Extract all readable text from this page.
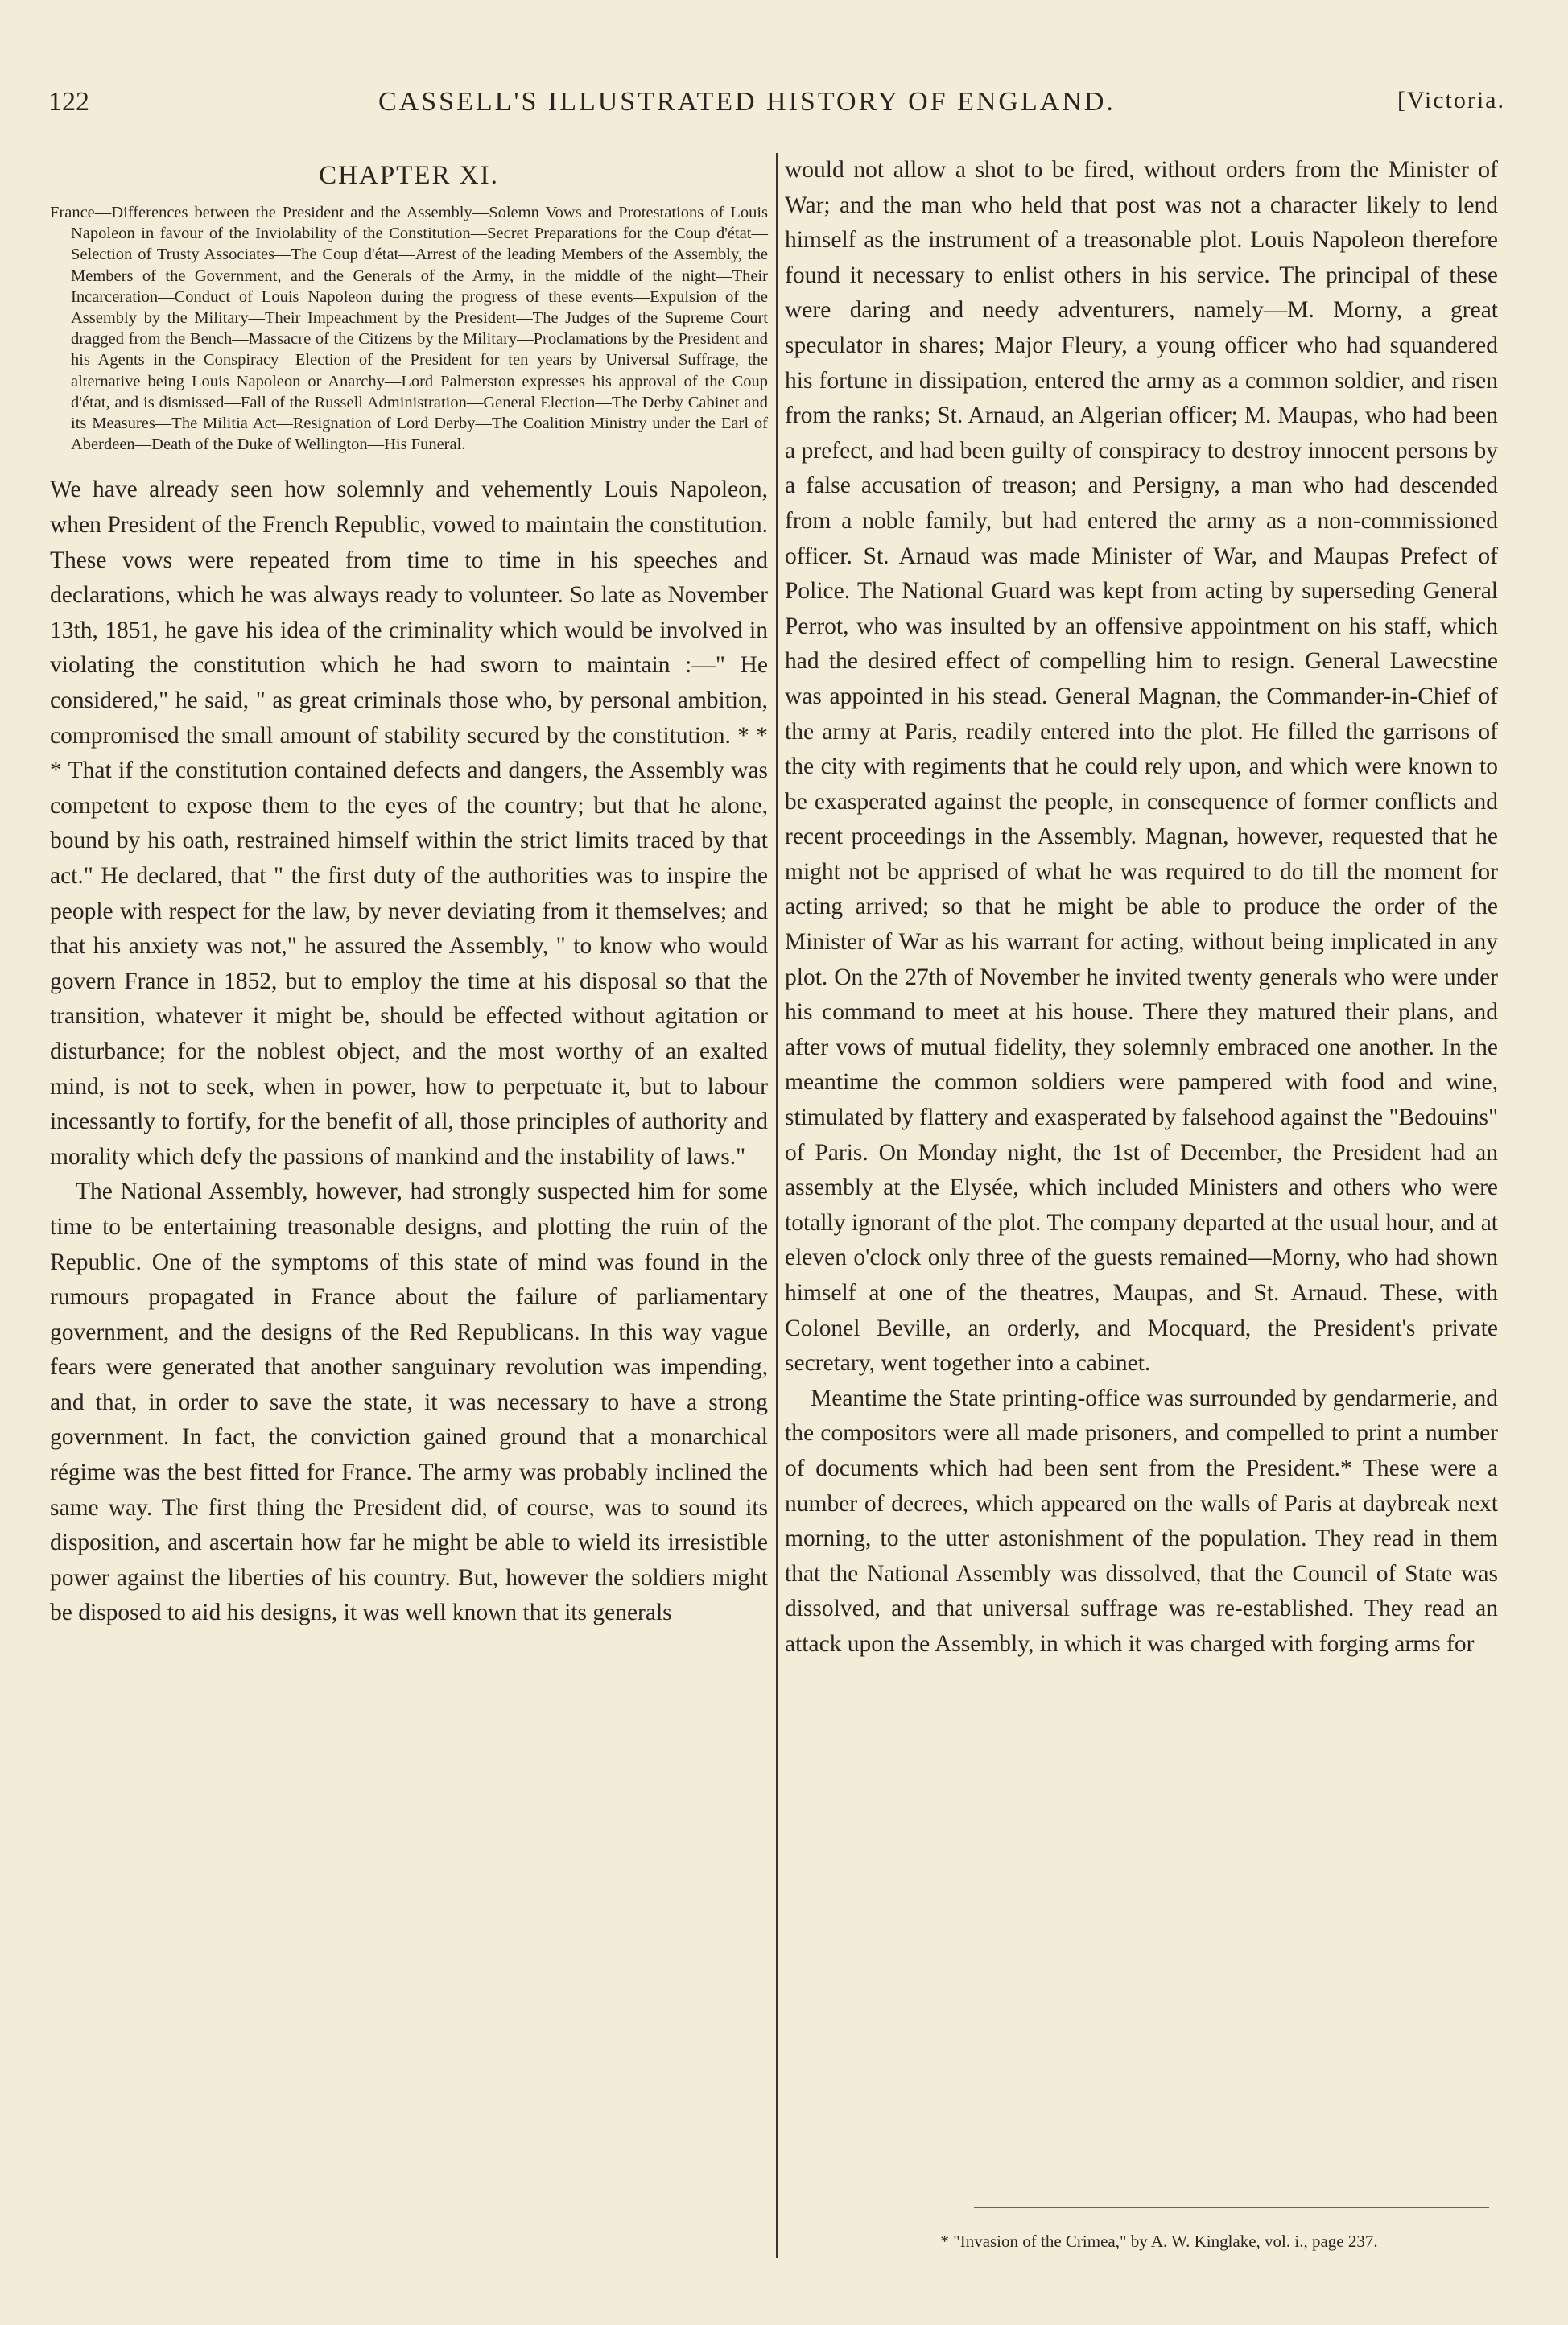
122	CASSELL'S ILLUSTRATED HISTORY OF ENGLAND.	[Victoria.
CHAPTER XI.

France—Differences between the President and the Assembly—Solemn Vows and Protestations of Louis Napoleon in favour of the Inviolability of the Constitution—Secret Preparations for the Coup d'état—Selection of Trusty Associates—The Coup d'état—Arrest of the leading Members of the Assembly, the Members of the Government, and the Generals of the Army, in the middle of the night—Their Incarceration—Conduct of Louis Napoleon during the progress of these events—Expulsion of the Assembly by the Military—Their Impeachment by the President—The Judges of the Supreme Court dragged from the Bench—Massacre of the Citizens by the Military—Proclamations by the President and his Agents in the Conspiracy—Election of the President for ten years by Universal Suffrage, the alternative being Louis Napoleon or Anarchy—Lord Palmerston expresses his approval of the Coup d'état, and is dismissed—Fall of the Russell Administration—General Election—The Derby Cabinet and its Measures—The Militia Act—Resignation of Lord Derby—The Coalition Ministry under the Earl of Aberdeen—Death of the Duke of Wellington—His Funeral.

We have already seen how solemnly and vehemently Louis Napoleon, when President of the French Republic, vowed to maintain the constitution. These vows were repeated from time to time in his speeches and declarations, which he was always ready to volunteer. So late as November 13th, 1851, he gave his idea of the criminality which would be involved in violating the constitution which he had sworn to maintain :—" He considered," he said, " as great criminals those who, by personal ambition, compromised the small amount of stability secured by the constitution. * * * That if the constitution contained defects and dangers, the Assembly was competent to expose them to the eyes of the country; but that he alone, bound by his oath, restrained himself within the strict limits traced by that act." He declared, that " the first duty of the authorities was to inspire the people with respect for the law, by never deviating from it themselves; and that his anxiety was not," he assured the Assembly, " to know who would govern France in 1852, but to employ the time at his disposal so that the transition, whatever it might be, should be effected without agitation or disturbance; for the noblest object, and the most worthy of an exalted mind, is not to seek, when in power, how to perpetuate it, but to labour incessantly to fortify, for the benefit of all, those principles of authority and morality which defy the passions of mankind and the instability of laws."

The National Assembly, however, had strongly suspected him for some time to be entertaining treasonable designs, and plotting the ruin of the Republic. One of the symptoms of this state of mind was found in the rumours propagated in France about the failure of parliamentary government, and the designs of the Red Republicans. In this way vague fears were generated that another sanguinary revolution was impending, and that, in order to save the state, it was necessary to have a strong government. In fact, the conviction gained ground that a monarchical régime was the best fitted for France. The army was probably inclined the same way. The first thing the President did, of course, was to sound its disposition, and ascertain how far he might be able to wield its irresistible power against the liberties of his country. But, however the soldiers might be disposed to aid his designs, it was well known that its generals

would not allow a shot to be fired, without orders from the Minister of War; and the man who held that post was not a character likely to lend himself as the instrument of a treasonable plot. Louis Napoleon therefore found it necessary to enlist others in his service. The principal of these were daring and needy adventurers, namely—M. Morny, a great speculator in shares; Major Fleury, a young officer who had squandered his fortune in dissipation, entered the army as a common soldier, and risen from the ranks; St. Arnaud, an Algerian officer; M. Maupas, who had been a prefect, and had been guilty of conspiracy to destroy innocent persons by a false accusation of treason; and Persigny, a man who had descended from a noble family, but had entered the army as a non-commissioned officer. St. Arnaud was made Minister of War, and Maupas Prefect of Police. The National Guard was kept from acting by superseding General Perrot, who was insulted by an offensive appointment on his staff, which had the desired effect of compelling him to resign. General Lawecstine was appointed in his stead. General Magnan, the Commander-in-Chief of the army at Paris, readily entered into the plot. He filled the garrisons of the city with regiments that he could rely upon, and which were known to be exasperated against the people, in consequence of former conflicts and recent proceedings in the Assembly. Magnan, however, requested that he might not be apprised of what he was required to do till the moment for acting arrived; so that he might be able to produce the order of the Minister of War as his warrant for acting, without being implicated in any plot. On the 27th of November he invited twenty generals who were under his command to meet at his house. There they matured their plans, and after vows of mutual fidelity, they solemnly embraced one another. In the meantime the common soldiers were pampered with food and wine, stimulated by flattery and exasperated by falsehood against the "Bedouins" of Paris. On Monday night, the 1st of December, the President had an assembly at the Elysée, which included Ministers and others who were totally ignorant of the plot. The company departed at the usual hour, and at eleven o'clock only three of the guests remained—Morny, who had shown himself at one of the theatres, Maupas, and St. Arnaud. These, with Colonel Beville, an orderly, and Mocquard, the President's private secretary, went together into a cabinet.

Meantime the State printing-office was surrounded by gendarmerie, and the compositors were all made prisoners, and compelled to print a number of documents which had been sent from the President.* These were a number of decrees, which appeared on the walls of Paris at daybreak next morning, to the utter astonishment of the population. They read in them that the National Assembly was dissolved, that the Council of State was dissolved, and that universal suffrage was re-established. They read an attack upon the Assembly, in which it was charged with forging arms for

* "Invasion of the Crimea," by A. W. Kinglake, vol. i., page 237.
